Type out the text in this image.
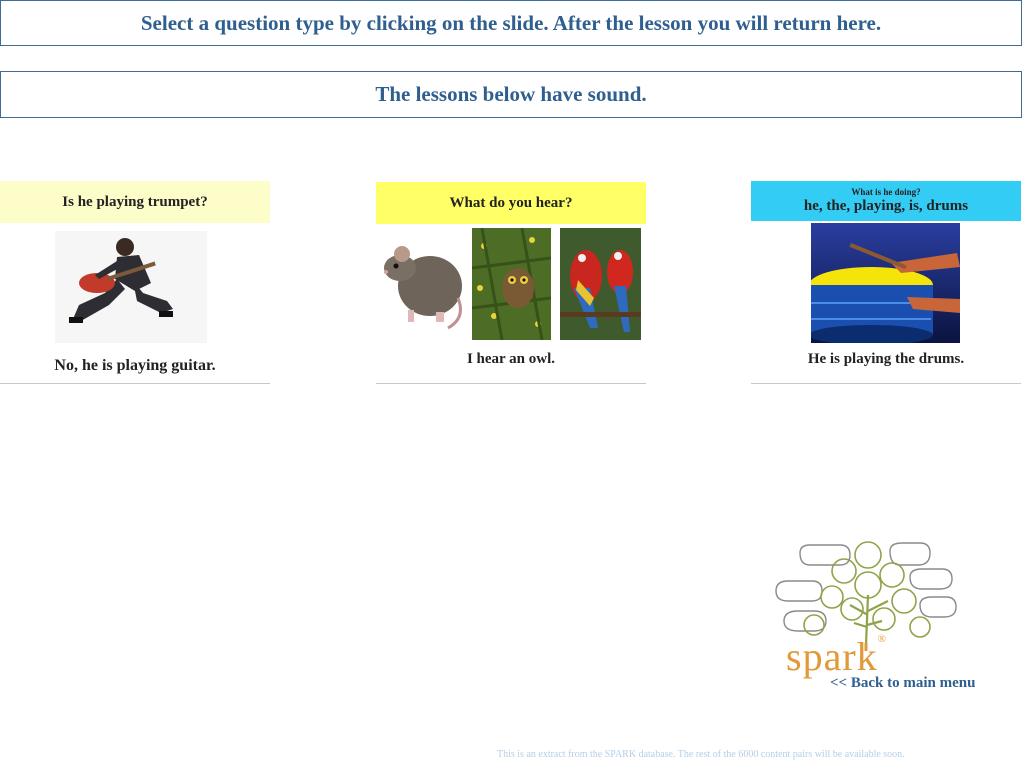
Select a question type by clicking on the slide. After the lesson you will return here.
The lessons below have sound.
Is he playing trumpet?
No, he is playing guitar.
What do you hear?
I hear an owl.
What is he doing?
he, the, playing, is, drums
He is playing the drums.
spark®
<< Back to main menu
This is an extract from the SPARK database. The rest of the 6000 content pairs will be available soon.
